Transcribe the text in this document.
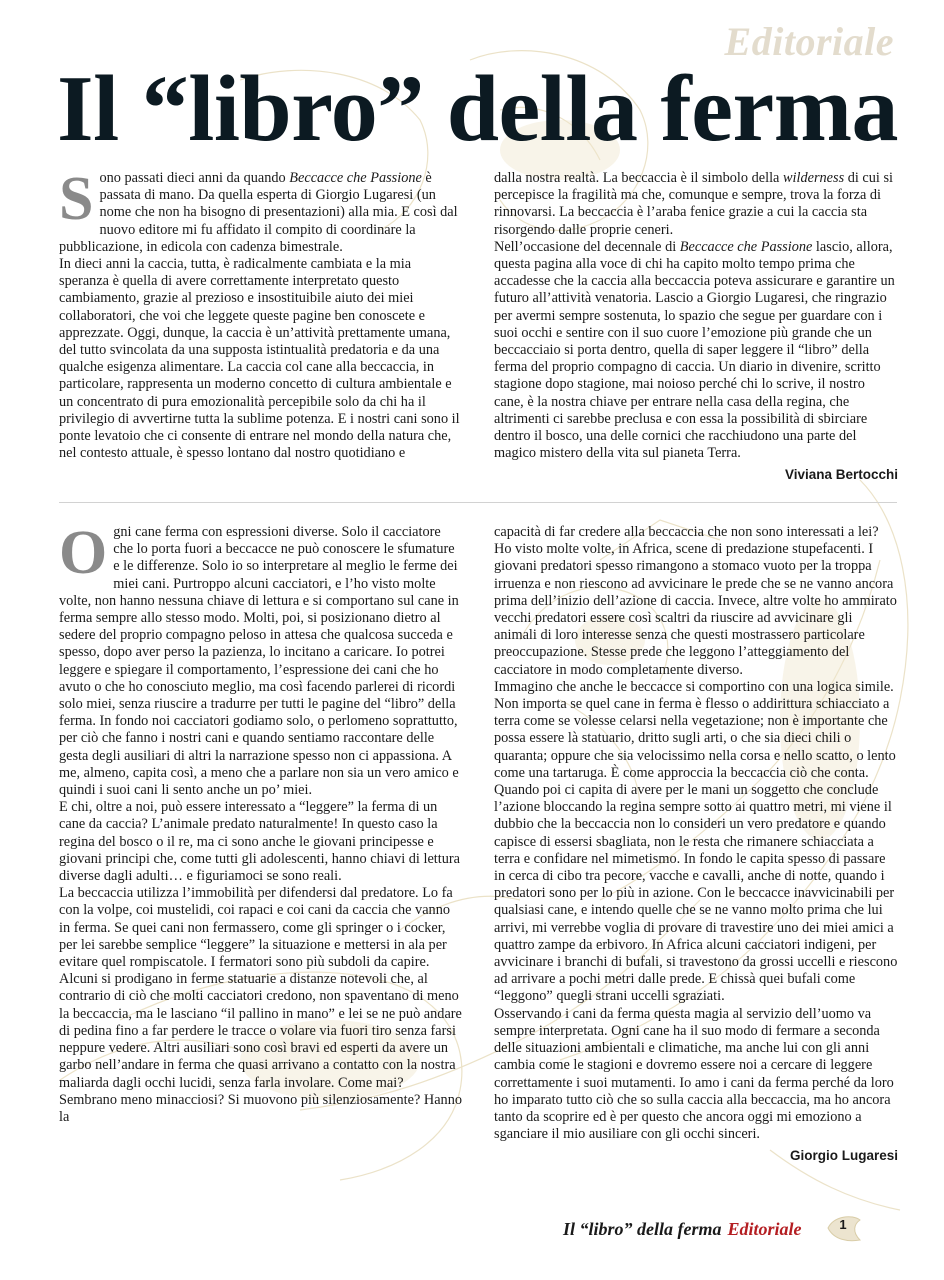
Editoriale
Il “libro” della ferma

Sono passati dieci anni da quando Beccacce che Passione è passata di mano. Da quella esperta di Giorgio Lugaresi (un nome che non ha bisogno di presentazioni) alla mia. E così dal nuovo editore mi fu affidato il compito di coordinare la pubblicazione, in edicola con cadenza bimestrale.

In dieci anni la caccia, tutta, è radicalmente cambiata e la mia speranza è quella di avere correttamente interpretato questo cambiamento, grazie al prezioso e insostituibile aiuto dei miei collaboratori, che voi che leggete queste pagine ben conoscete e apprezzate. Oggi, dunque, la caccia è un’attività prettamente umana, del tutto svincolata da una supposta istintualità predatoria e da una qualche esigenza alimentare. La caccia col cane alla beccaccia, in particolare, rappresenta un moderno concetto di cultura ambientale e un concentrato di pura emozionalità percepibile solo da chi ha il privilegio di avvertirne tutta la sublime potenza. E i nostri cani sono il ponte levatoio che ci consente di entrare nel mondo della natura che, nel contesto attuale, è spesso lontano dal nostro quotidiano e

dalla nostra realtà. La beccaccia è il simbolo della wilderness di cui si percepisce la fragilità ma che, comunque e sempre, trova la forza di rinnovarsi. La beccaccia è l’araba fenice grazie a cui la caccia sta risorgendo dalle proprie ceneri.

Nell’occasione del decennale di Beccacce che Passione lascio, allora, questa pagina alla voce di chi ha capito molto tempo prima che accadesse che la caccia alla beccaccia poteva assicurare e garantire un futuro all’attività venatoria. Lascio a Giorgio Lugaresi, che ringrazio per avermi sempre sostenuta, lo spazio che segue per guardare con i suoi occhi e sentire con il suo cuore l’emozione più grande che un beccacciaio si porta dentro, quella di saper leggere il “libro” della ferma del proprio compagno di caccia. Un diario in divenire, scritto stagione dopo stagione, mai noioso perché chi lo scrive, il nostro cane, è la nostra chiave per entrare nella casa della regina, che altrimenti ci sarebbe preclusa e con essa la possibilità di sbirciare dentro il bosco, una delle cornici che racchiudono una parte del magico mistero della vita sul pianeta Terra.

Viviana Bertocchi

Ogni cane ferma con espressioni diverse. Solo il cacciatore che lo porta fuori a beccacce ne può conoscere le sfumature e le differenze. Solo io so interpretare al meglio le ferme dei miei cani. Purtroppo alcuni cacciatori, e l’ho visto molte volte, non hanno nessuna chiave di lettura e si comportano sul cane in ferma sempre allo stesso modo. Molti, poi, si posizionano dietro al sedere del proprio compagno peloso in attesa che qualcosa succeda e spesso, dopo aver perso la pazienza, lo incitano a caricare. Io potrei leggere e spiegare il comportamento, l’espressione dei cani che ho avuto o che ho conosciuto meglio, ma così facendo parlerei di ricordi solo miei, senza riuscire a tradurre per tutti le pagine del “libro” della ferma. In fondo noi cacciatori godiamo solo, o perlomeno soprattutto, per ciò che fanno i nostri cani e quando sentiamo raccontare delle gesta degli ausiliari di altri la narrazione spesso non ci appassiona. A me, almeno, capita così, a meno che a parlare non sia un vero amico e quindi i suoi cani li sento anche un po’ miei.

E chi, oltre a noi, può essere interessato a “leggere” la ferma di un cane da caccia? L’animale predato naturalmente! In questo caso la regina del bosco o il re, ma ci sono anche le giovani principesse e giovani principi che, come tutti gli adolescenti, hanno chiavi di lettura diverse dagli adulti… e figuriamoci se sono reali.

La beccaccia utilizza l’immobilità per difendersi dal predatore. Lo fa con la volpe, coi mustelidi, coi rapaci e coi cani da caccia che vanno in ferma. Se quei cani non fermassero, come gli springer o i cocker, per lei sarebbe semplice “leggere” la situazione e mettersi in ala per evitare quel rompiscatole. I fermatori sono più subdoli da capire. Alcuni si prodigano in ferme statuarie a distanze notevoli che, al contrario di ciò che molti cacciatori credono, non spaventano di meno la beccaccia, ma le lasciano “il pallino in mano” e lei se ne può andare di pedina fino a far perdere le tracce o volare via fuori tiro senza farsi neppure vedere. Altri ausiliari sono così bravi ed esperti da avere un garbo nell’andare in ferma che quasi arrivano a contatto con la nostra maliarda dagli occhi lucidi, senza farla involare. Come mai? Sembrano meno minacciosi? Si muovono più silenziosamente? Hanno la

capacità di far credere alla beccaccia che non sono interessati a lei? Ho visto molte volte, in Africa, scene di predazione stupefacenti. I giovani predatori spesso rimangono a stomaco vuoto per la troppa irruenza e non riescono ad avvicinare le prede che se ne vanno ancora prima dell’inizio dell’azione di caccia. Invece, altre volte ho ammirato vecchi predatori essere così scaltri da riuscire ad avvicinare gli animali di loro interesse senza che questi mostrassero particolare preoccupazione. Stesse prede che leggono l’atteggiamento del cacciatore in modo completamente diverso.

Immagino che anche le beccacce si comportino con una logica simile. Non importa se quel cane in ferma è flesso o addirittura schiacciato a terra come se volesse celarsi nella vegetazione; non è importante che possa essere là statuario, dritto sugli arti, o che sia dieci chili o quaranta; oppure che sia velocissimo nella corsa e nello scatto, o lento come una tartaruga. È come approccia la beccaccia ciò che conta. Quando poi ci capita di avere per le mani un soggetto che conclude l’azione bloccando la regina sempre sotto ai quattro metri, mi viene il dubbio che la beccaccia non lo consideri un vero predatore e quando capisce di essersi sbagliata, non le resta che rimanere schiacciata a terra e confidare nel mimetismo. In fondo le capita spesso di passare in cerca di cibo tra pecore, vacche e cavalli, anche di notte, quando i predatori sono per lo più in azione. Con le beccacce inavvicinabili per qualsiasi cane, e intendo quelle che se ne vanno molto prima che lui arrivi, mi verrebbe voglia di provare di travestire uno dei miei amici a quattro zampe da erbivoro. In Africa alcuni cacciatori indigeni, per avvicinare i branchi di bufali, si travestono da grossi uccelli e riescono ad arrivare a pochi metri dalle prede. E chissà quei bufali come “leggono” quegli strani uccelli sgraziati.

Osservando i cani da ferma questa magia al servizio dell’uomo va sempre interpretata. Ogni cane ha il suo modo di fermare a seconda delle situazioni ambientali e climatiche, ma anche lui con gli anni cambia come le stagioni e dovremo essere noi a cercare di leggere correttamente i suoi mutamenti. Io amo i cani da ferma perché da loro ho imparato tutto ciò che so sulla caccia alla beccaccia, ma ho ancora tanto da scoprire ed è per questo che ancora oggi mi emoziono a sganciare il mio ausiliare con gli occhi sinceri.

Giorgio Lugaresi
Il “libro” della ferma Editoriale	1
